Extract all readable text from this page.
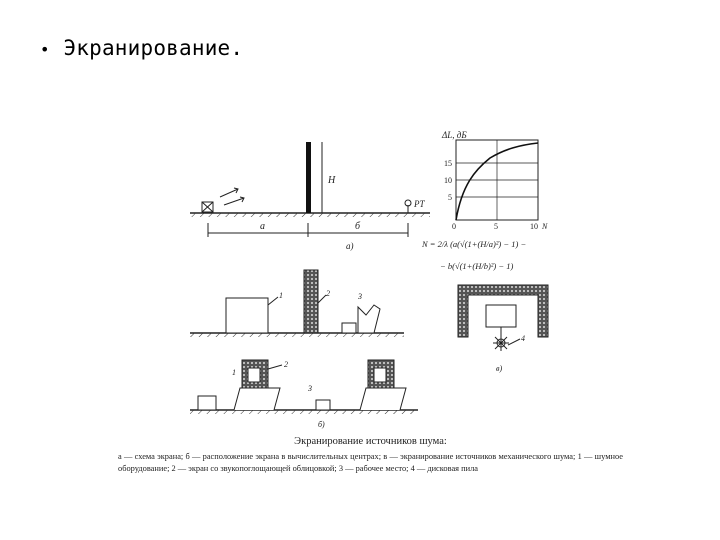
• Экранирование.
Н
РТ
а	б
а)
ΔL, дБ
15
10
5
0	5	10 N
N = 2/λ (a(√(1+(H/a)²) − 1) −
− b(√(1+(H/b)²) − 1)
1	2	3
4
в)
1
2
3
б)
Экранирование источников шума:
а — схема экрана; б — расположение экрана в вычислительных центрах; в — экранирование источников механического шума; 1 — шумное оборудование; 2 — экран со звукопоглощающей облицовкой; 3 — рабочее место; 4 — дисковая пила
